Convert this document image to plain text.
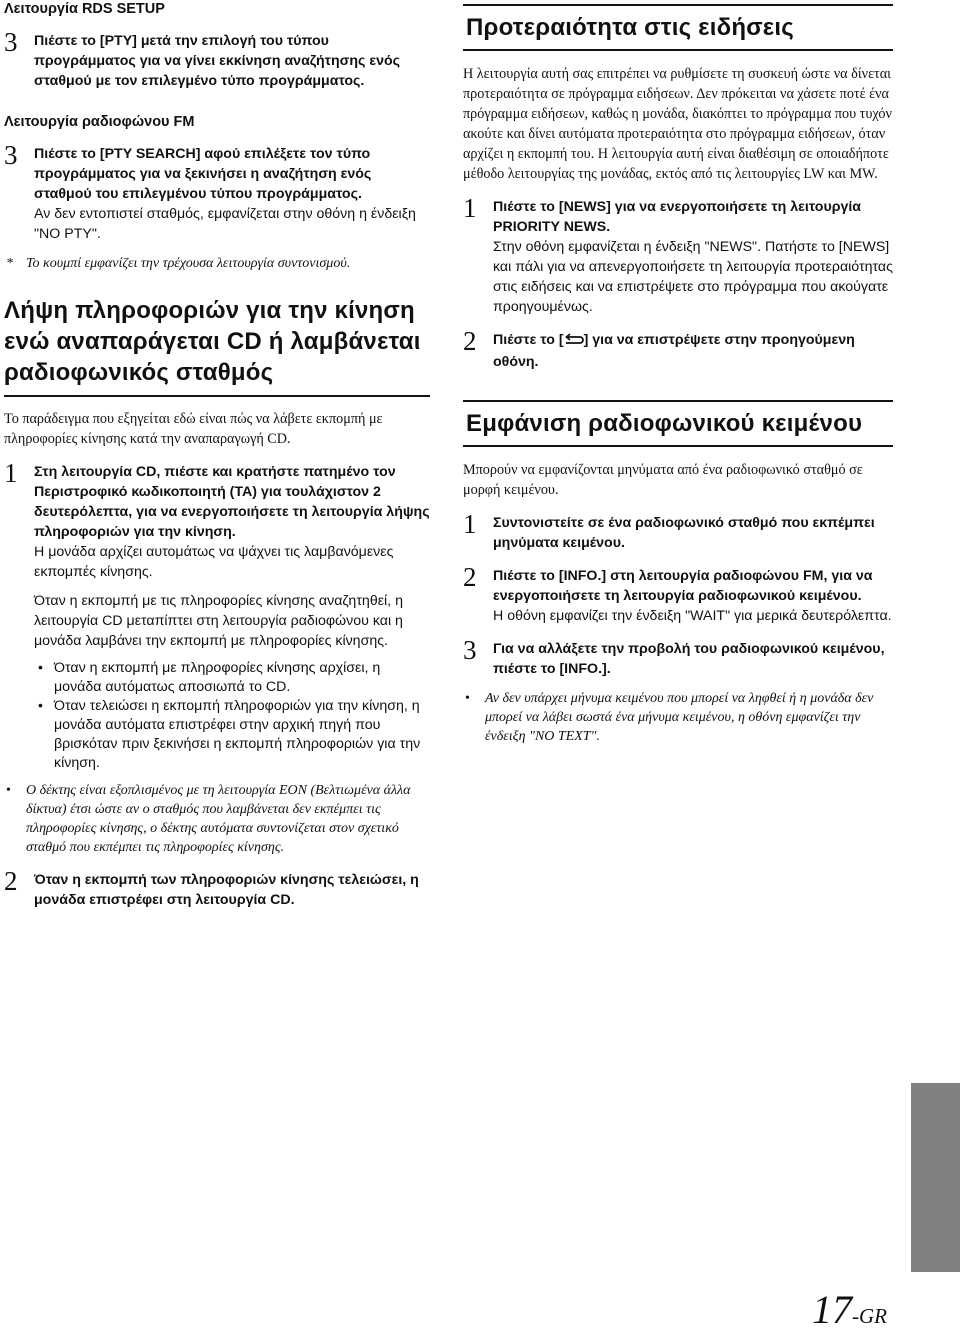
Λειτουργία RDS SETUP
3 Πιέστε το [PTY] μετά την επιλογή του τύπου προγράμματος για να γίνει εκκίνηση αναζήτησης ενός σταθμού με τον επιλεγμένο τύπο προγράμματος.
Λειτουργία ραδιοφώνου FM
3 Πιέστε το [PTY SEARCH] αφού επιλέξετε τον τύπο προγράμματος για να ξεκινήσει η αναζήτηση ενός σταθμού του επιλεγμένου τύπου προγράμματος.
Αν δεν εντοπιστεί σταθμός, εμφανίζεται στην οθόνη η ένδειξη "NO PTY".
* Το κουμπί εμφανίζει την τρέχουσα λειτουργία συντονισμού.
Λήψη πληροφοριών για την κίνηση ενώ αναπαράγεται CD ή λαμβάνεται ραδιοφωνικός σταθμός
Το παράδειγμα που εξηγείται εδώ είναι πώς να λάβετε εκπομπή με πληροφορίες κίνησης κατά την αναπαραγωγή CD.
1 Στη λειτουργία CD, πιέστε και κρατήστε πατημένο τον Περιστροφικό κωδικοποιητή (TA) για τουλάχιστον 2 δευτερόλεπτα, για να ενεργοποιήσετε τη λειτουργία λήψης πληροφοριών για την κίνηση.
Η μονάδα αρχίζει αυτομάτως να ψάχνει τις λαμβανόμενες εκπομπές κίνησης.
Όταν η εκπομπή με τις πληροφορίες κίνησης αναζητηθεί, η λειτουργία CD μεταπίπτει στη λειτουργία ραδιοφώνου και η μονάδα λαμβάνει την εκπομπή με πληροφορίες κίνησης.
• Όταν η εκπομπή με πληροφορίες κίνησης αρχίσει, η μονάδα αυτόματως αποσιωπά το CD.
• Όταν τελειώσει η εκπομπή πληροφοριών για την κίνηση, η μονάδα αυτόματα επιστρέφει στην αρχική πηγή που βρισκόταν πριν ξεκινήσει η εκπομπή πληροφοριών για την κίνηση.
• Ο δέκτης είναι εξοπλισμένος με τη λειτουργία EON (Βελτιωμένα άλλα δίκτυα) έτσι ώστε αν ο σταθμός που λαμβάνεται δεν εκπέμπει τις πληροφορίες κίνησης, ο δέκτης αυτόματα συντονίζεται στον σχετικό σταθμό που εκπέμπει τις πληροφορίες κίνησης.
2 Όταν η εκπομπή των πληροφοριών κίνησης τελειώσει, η μονάδα επιστρέφει στη λειτουργία CD.
Προτεραιότητα στις ειδήσεις
Η λειτουργία αυτή σας επιτρέπει να ρυθμίσετε τη συσκευή ώστε να δίνεται προτεραιότητα σε πρόγραμμα ειδήσεων. Δεν πρόκειται να χάσετε ποτέ ένα πρόγραμμα ειδήσεων, καθώς η μονάδα, διακόπτει το πρόγραμμα που τυχόν ακούτε και δίνει αυτόματα προτεραιότητα στο πρόγραμμα ειδήσεων, όταν αρχίζει η εκπομπή του. Η λειτουργία αυτή είναι διαθέσιμη σε οποιαδήποτε μέθοδο λειτουργίας της μονάδας, εκτός από τις λειτουργίες LW και MW.
1 Πιέστε το [NEWS] για να ενεργοποιήσετε τη λειτουργία PRIORITY NEWS.
Στην οθόνη εμφανίζεται η ένδειξη "NEWS". Πατήστε το [NEWS] και πάλι για να απενεργοποιήσετε τη λειτουργία προτεραιότητας στις ειδήσεις και να επιστρέψετε στο πρόγραμμα που ακούγατε προηγουμένως.
2 Πιέστε το [ ] για να επιστρέψετε στην προηγούμενη οθόνη.
Εμφάνιση ραδιοφωνικού κειμένου
Μπορούν να εμφανίζονται μηνύματα από ένα ραδιοφωνικό σταθμό σε μορφή κειμένου.
1 Συντονιστείτε σε ένα ραδιοφωνικό σταθμό που εκπέμπει μηνύματα κειμένου.
2 Πιέστε το [INFO.] στη λειτουργία ραδιοφώνου FM, για να ενεργοποιήσετε τη λειτουργία ραδιοφωνικού κειμένου.
Η οθόνη εμφανίζει την ένδειξη "WAIT" για μερικά δευτερόλεπτα.
3 Για να αλλάξετε την προβολή του ραδιοφωνικού κειμένου, πιέστε το [INFO.].
• Αν δεν υπάρχει μήνυμα κειμένου που μπορεί να ληφθεί ή η μονάδα δεν μπορεί να λάβει σωστά ένα μήνυμα κειμένου, η οθόνη εμφανίζει την ένδειξη "NO TEXT".
17-GR
